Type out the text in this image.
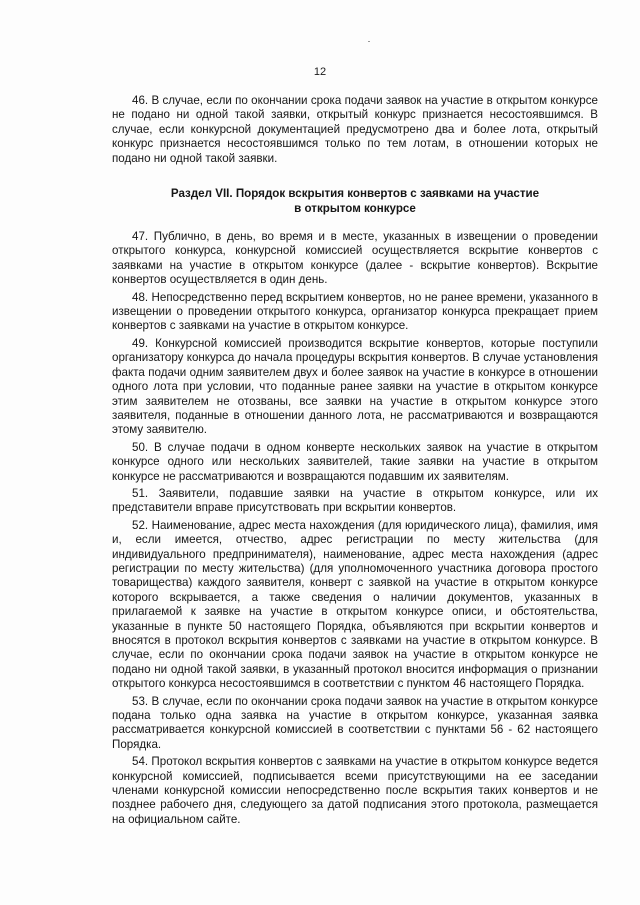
12

46. В случае, если по окончании срока подачи заявок на участие в открытом конкурсе не подано ни одной такой заявки, открытый конкурс признается несостоявшимся. В случае, если конкурсной документацией предусмотрено два и более лота, открытый конкурс признается несостоявшимся только по тем лотам, в отношении которых не подано ни одной такой заявки.

Раздел VII. Порядок вскрытия конвертов с заявками на участие
в открытом конкурсе

47. Публично, в день, во время и в месте, указанных в извещении о проведении открытого конкурса, конкурсной комиссией осуществляется вскрытие конвертов с заявками на участие в открытом конкурсе (далее - вскрытие конвертов). Вскрытие конвертов осуществляется в один день.

48. Непосредственно перед вскрытием конвертов, но не ранее времени, указанного в извещении о проведении открытого конкурса, организатор конкурса прекращает прием конвертов с заявками на участие в открытом конкурсе.

49. Конкурсной комиссией производится вскрытие конвертов, которые поступили организатору конкурса до начала процедуры вскрытия конвертов. В случае установления факта подачи одним заявителем двух и более заявок на участие в конкурсе в отношении одного лота при условии, что поданные ранее заявки на участие в открытом конкурсе этим заявителем не отозваны, все заявки на участие в открытом конкурсе этого заявителя, поданные в отношении данного лота, не рассматриваются и возвращаются этому заявителю.

50. В случае подачи в одном конверте нескольких заявок на участие в открытом конкурсе одного или нескольких заявителей, такие заявки на участие в открытом конкурсе не рассматриваются и возвращаются подавшим их заявителям.

51. Заявители, подавшие заявки на участие в открытом конкурсе, или их представители вправе присутствовать при вскрытии конвертов.

52. Наименование, адрес места нахождения (для юридического лица), фамилия, имя и, если имеется, отчество, адрес регистрации по месту жительства (для индивидуального предпринимателя), наименование, адрес места нахождения (адрес регистрации по месту жительства) (для уполномоченного участника договора простого товарищества) каждого заявителя, конверт с заявкой на участие в открытом конкурсе которого вскрывается, а также сведения о наличии документов, указанных в прилагаемой к заявке на участие в открытом конкурсе описи, и обстоятельства, указанные в пункте 50 настоящего Порядка, объявляются при вскрытии конвертов и вносятся в протокол вскрытия конвертов с заявками на участие в открытом конкурсе. В случае, если по окончании срока подачи заявок на участие в открытом конкурсе не подано ни одной такой заявки, в указанный протокол вносится информация о признании открытого конкурса несостоявшимся в соответствии с пунктом 46 настоящего Порядка.

53. В случае, если по окончании срока подачи заявок на участие в открытом конкурсе подана только одна заявка на участие в открытом конкурсе, указанная заявка рассматривается конкурсной комиссией в соответствии с пунктами 56 - 62 настоящего Порядка.

54. Протокол вскрытия конвертов с заявками на участие в открытом конкурсе ведется конкурсной комиссией, подписывается всеми присутствующими на ее заседании членами конкурсной комиссии непосредственно после вскрытия таких конвертов и не позднее рабочего дня, следующего за датой подписания этого протокола, размещается на официальном сайте.
